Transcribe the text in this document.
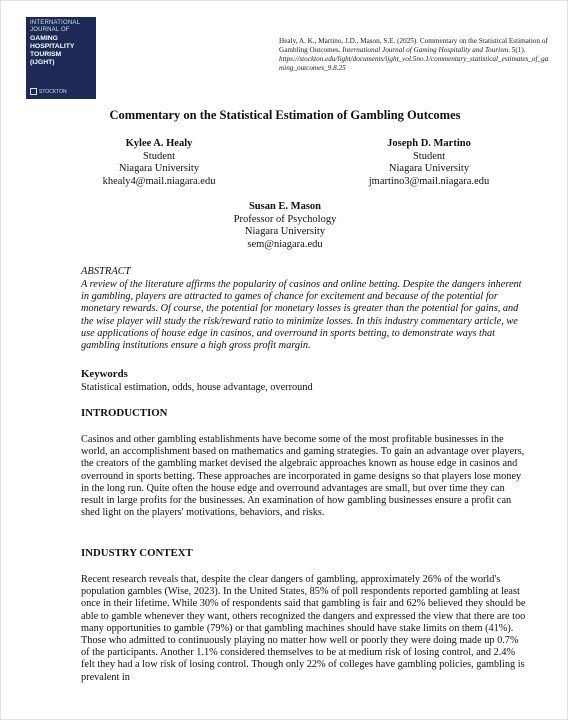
INTERNATIONAL
JOURNAL OF
GAMING
HOSPITALITY
TOURISM
(IJGHT)
STOCKTON
Healy, A. K., Martino, J.D., Mason, S.E. (2025). Commentary on the Statistical Estimation of Gambling Outcomes. International Journal of Gaming Hospitality and Tourism. 5(1).
https://stockton.edu/light/documents/ijght_vol.5no.1/commentary_statistical_estimates_of_gaming_outcomes_9.8.25
Commentary on the Statistical Estimation of Gambling Outcomes
Kylee A. Healy
Student
Niagara University
khealy4@mail.niagara.edu
Joseph D. Martino
Student
Niagara University
jmartino3@mail.niagara.edu
Susan E. Mason
Professor of Psychology
Niagara University
sem@niagara.edu
ABSTRACT
A review of the literature affirms the popularity of casinos and online betting. Despite the dangers inherent in gambling, players are attracted to games of chance for excitement and because of the potential for monetary rewards. Of course, the potential for monetary losses is greater than the potential for gains, and the wise player will study the risk/reward ratio to minimize losses. In this industry commentary article, we use applications of house edge in casinos, and overround in sports betting, to demonstrate ways that gambling institutions ensure a high gross profit margin.
Keywords
Statistical estimation, odds, house advantage, overround
INTRODUCTION
Casinos and other gambling establishments have become some of the most profitable businesses in the world, an accomplishment based on mathematics and gaming strategies. To gain an advantage over players, the creators of the gambling market devised the algebraic approaches known as house edge in casinos and overround in sports betting. These approaches are incorporated in game designs so that players lose money in the long run. Quite often the house edge and overround advantages are small, but over time they can result in large profits for the businesses. An examination of how gambling businesses ensure a profit can shed light on the players' motivations, behaviors, and risks.
INDUSTRY CONTEXT
Recent research reveals that, despite the clear dangers of gambling, approximately 26% of the world's population gambles (Wise, 2023). In the United States, 85% of poll respondents reported gambling at least once in their lifetime. While 30% of respondents said that gambling is fair and 62% believed they should be able to gamble whenever they want, others recognized the dangers and expressed the view that there are too many opportunities to gamble (79%) or that gambling machines should have stake limits on them (41%). Those who admitted to continuously playing no matter how well or poorly they were doing made up 0.7% of the participants. Another 1.1% considered themselves to be at medium risk of losing control, and 2.4% felt they had a low risk of losing control. Though only 22% of colleges have gambling policies, gambling is prevalent in
